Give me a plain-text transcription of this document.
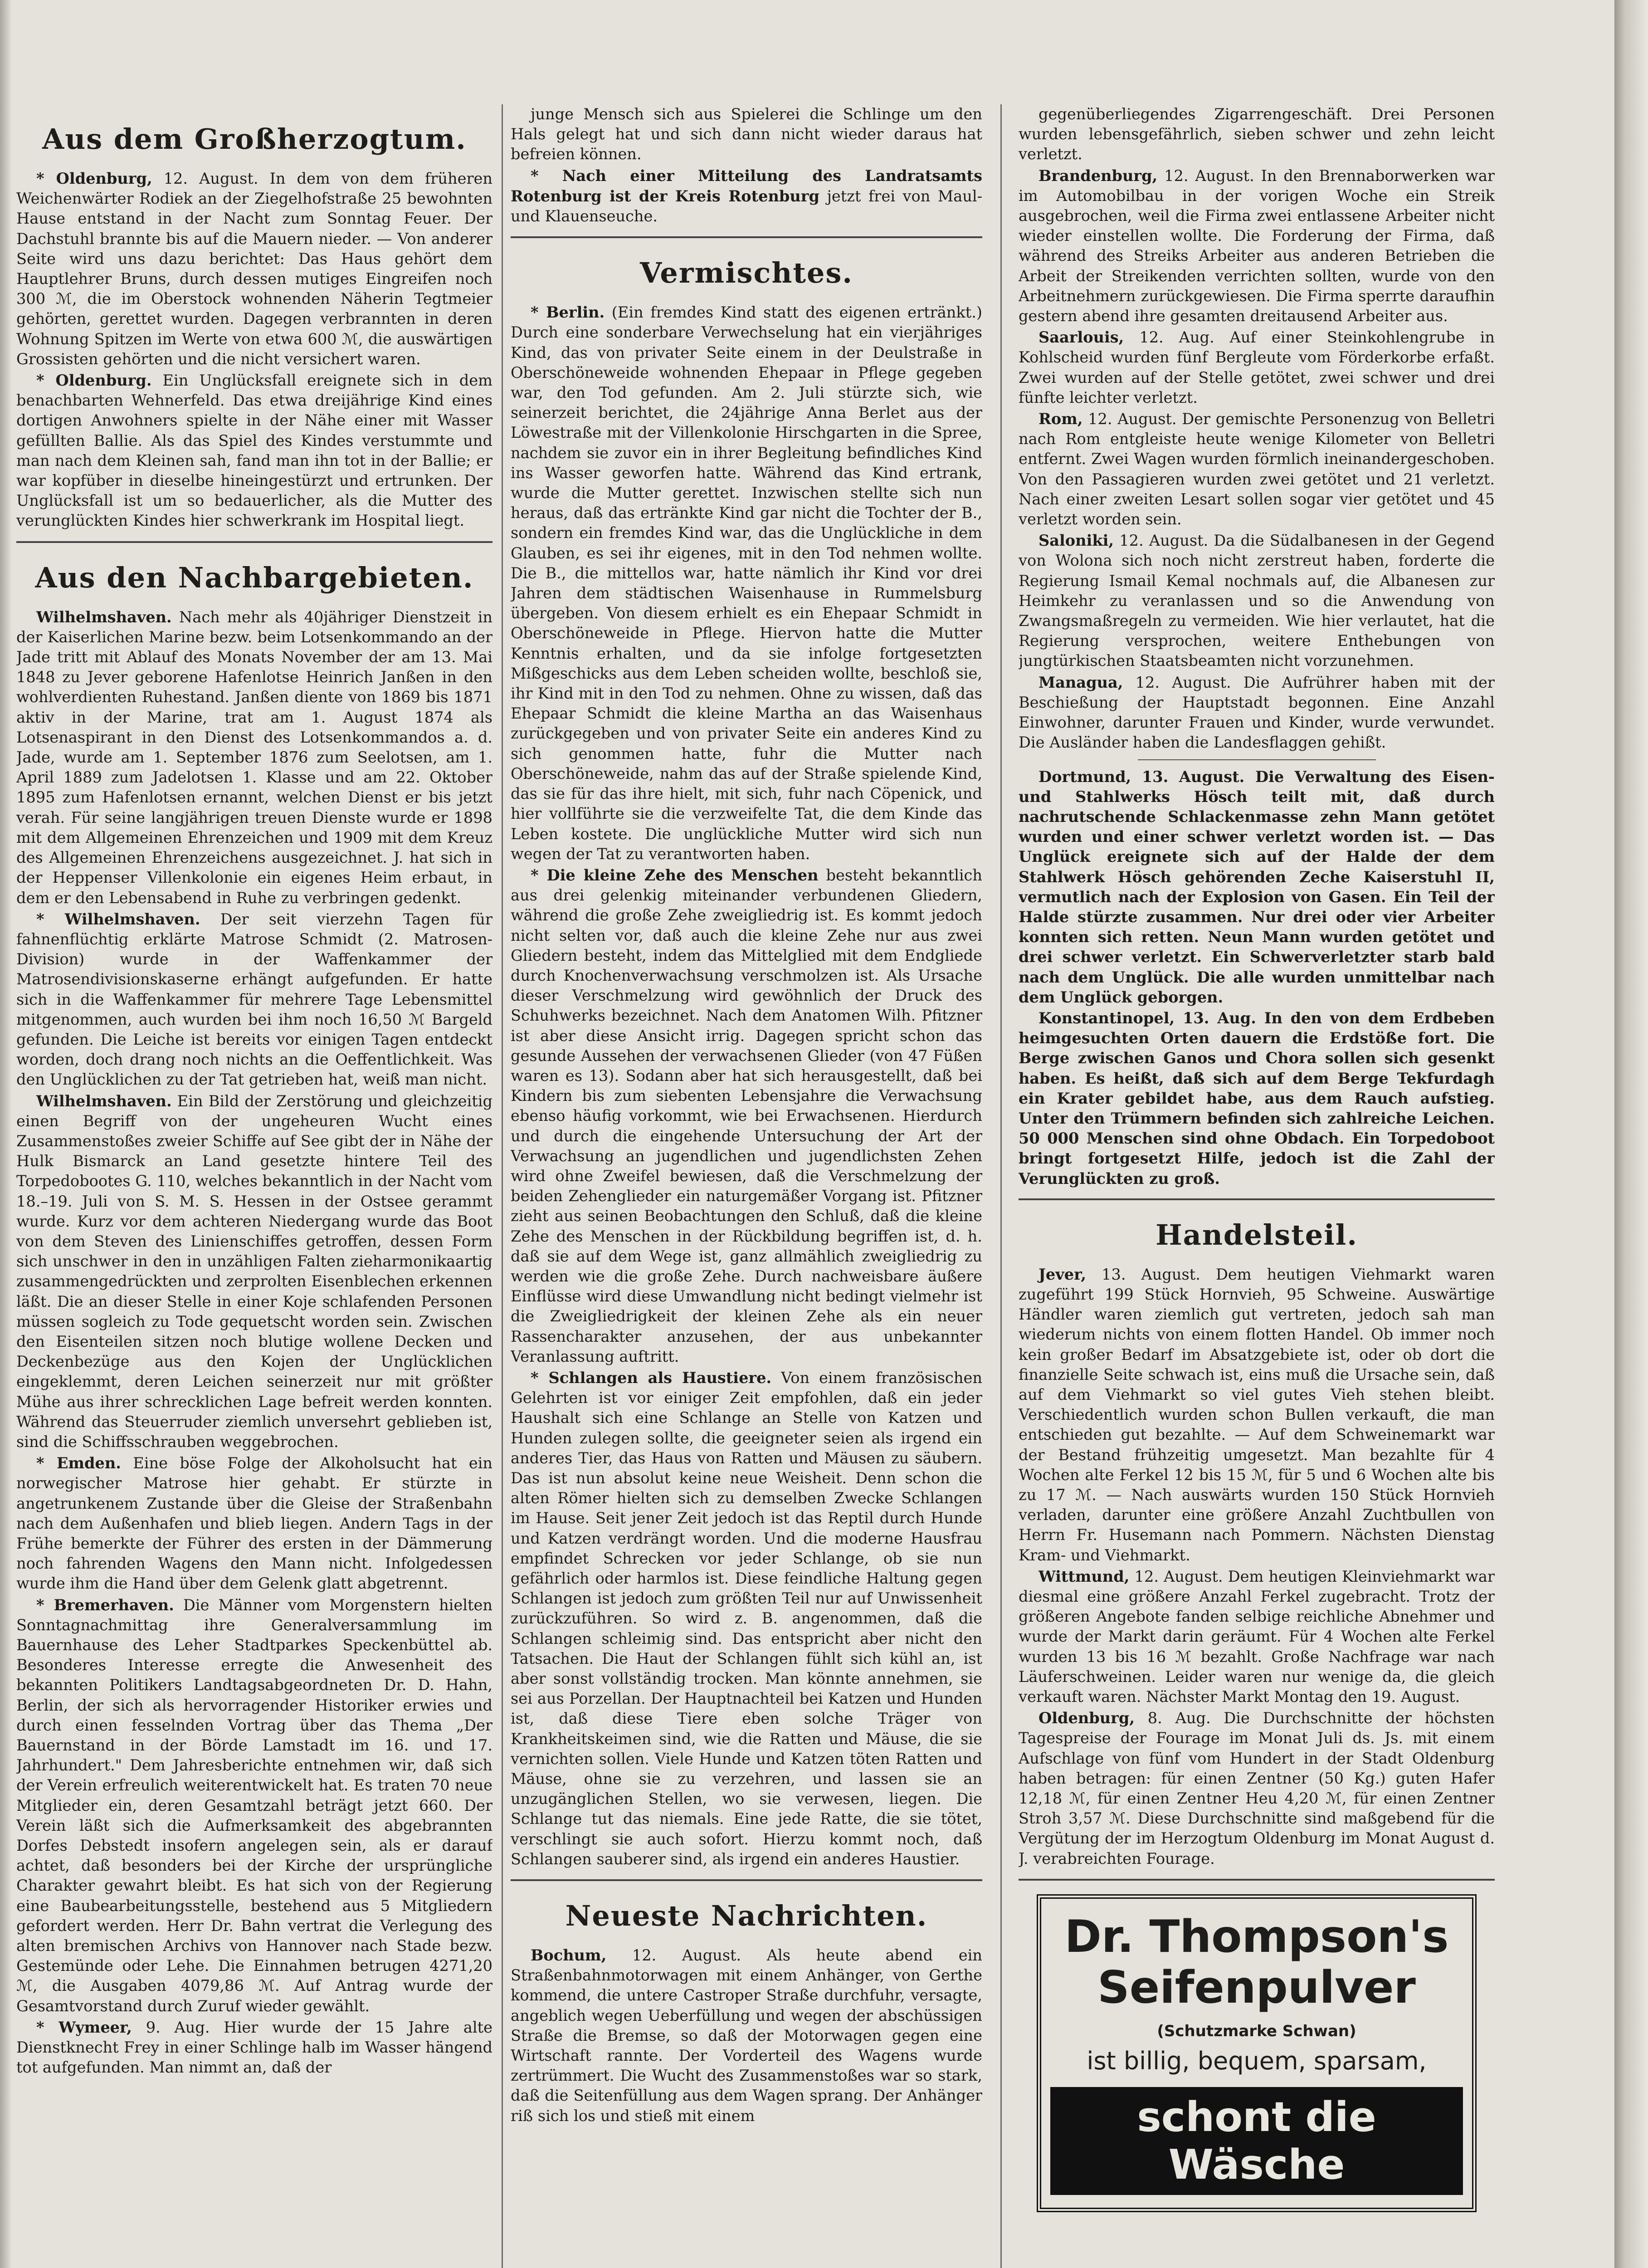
Aus dem Großherzogtum.

* Oldenburg, 12. August. In dem von dem früheren Weichenwärter Rodiek an der Ziegelhofstraße 25 bewohnten Hause entstand in der Nacht zum Sonntag Feuer. Der Dachstuhl brannte bis auf die Mauern nieder. — Von anderer Seite wird uns dazu berichtet: Das Haus gehört dem Hauptlehrer Bruns, durch dessen mutiges Eingreifen noch 300 ℳ, die im Oberstock wohnenden Näherin Tegtmeier gehörten, gerettet wurden. Dagegen verbrannten in deren Wohnung Spitzen im Werte von etwa 600 ℳ, die auswärtigen Grossisten gehörten und die nicht versichert waren.

* Oldenburg. Ein Unglücksfall ereignete sich in dem benachbarten Wehnerfeld. Das etwa dreijährige Kind eines dortigen Anwohners spielte in der Nähe einer mit Wasser gefüllten Ballie. Als das Spiel des Kindes verstummte und man nach dem Kleinen sah, fand man ihn tot in der Ballie; er war kopfüber in dieselbe hineingestürzt und ertrunken. Der Unglücksfall ist um so bedauerlicher, als die Mutter des verunglückten Kindes hier schwerkrank im Hospital liegt.

Aus den Nachbargebieten.

Wilhelmshaven. Nach mehr als 40jähriger Dienstzeit in der Kaiserlichen Marine bezw. beim Lotsenkommando an der Jade tritt mit Ablauf des Monats November der am 13. Mai 1848 zu Jever geborene Hafenlotse Heinrich Janßen in den wohlverdienten Ruhestand. Janßen diente von 1869 bis 1871 aktiv in der Marine, trat am 1. August 1874 als Lotsenaspirant in den Dienst des Lotsenkommandos a. d. Jade, wurde am 1. September 1876 zum Seelotsen, am 1. April 1889 zum Jadelotsen 1. Klasse und am 22. Oktober 1895 zum Hafenlotsen ernannt, welchen Dienst er bis jetzt verah. Für seine langjährigen treuen Dienste wurde er 1898 mit dem Allgemeinen Ehrenzeichen und 1909 mit dem Kreuz des Allgemeinen Ehrenzeichens ausgezeichnet. J. hat sich in der Heppenser Villenkolonie ein eigenes Heim erbaut, in dem er den Lebensabend in Ruhe zu verbringen gedenkt.

* Wilhelmshaven. Der seit vierzehn Tagen für fahnenflüchtig erklärte Matrose Schmidt (2. Matrosen-Division) wurde in der Waffenkammer der Matrosendivisionskaserne erhängt aufgefunden. Er hatte sich in die Waffenkammer für mehrere Tage Lebensmittel mitgenommen, auch wurden bei ihm noch 16,50 ℳ Bargeld gefunden. Die Leiche ist bereits vor einigen Tagen entdeckt worden, doch drang noch nichts an die Oeffentlichkeit. Was den Unglücklichen zu der Tat getrieben hat, weiß man nicht.

Wilhelmshaven. Ein Bild der Zerstörung und gleichzeitig einen Begriff von der ungeheuren Wucht eines Zusammenstoßes zweier Schiffe auf See gibt der in Nähe der Hulk Bismarck an Land gesetzte hintere Teil des Torpedobootes G. 110, welches bekanntlich in der Nacht vom 18.–19. Juli von S. M. S. Hessen in der Ostsee gerammt wurde. Kurz vor dem achteren Niedergang wurde das Boot von dem Steven des Linienschiffes getroffen, dessen Form sich unschwer in den in unzähligen Falten zieharmonikaartig zusammengedrückten und zerprolten Eisenblechen erkennen läßt. Die an dieser Stelle in einer Koje schlafenden Personen müssen sogleich zu Tode gequetscht worden sein. Zwischen den Eisenteilen sitzen noch blutige wollene Decken und Deckenbezüge aus den Kojen der Unglücklichen eingeklemmt, deren Leichen seinerzeit nur mit größter Mühe aus ihrer schrecklichen Lage befreit werden konnten. Während das Steuerruder ziemlich unversehrt geblieben ist, sind die Schiffsschrauben weggebrochen.

* Emden. Eine böse Folge der Alkoholsucht hat ein norwegischer Matrose hier gehabt. Er stürzte in angetrunkenem Zustande über die Gleise der Straßenbahn nach dem Außenhafen und blieb liegen. Andern Tags in der Frühe bemerkte der Führer des ersten in der Dämmerung noch fahrenden Wagens den Mann nicht. Infolgedessen wurde ihm die Hand über dem Gelenk glatt abgetrennt.

* Bremerhaven. Die Männer vom Morgenstern hielten Sonntagnachmittag ihre Generalversammlung im Bauernhause des Leher Stadtparkes Speckenbüttel ab. Besonderes Interesse erregte die Anwesenheit des bekannten Politikers Landtagsabgeordneten Dr. D. Hahn, Berlin, der sich als hervorragender Historiker erwies und durch einen fesselnden Vortrag über das Thema „Der Bauernstand in der Börde Lamstadt im 16. und 17. Jahrhundert." Dem Jahresberichte entnehmen wir, daß sich der Verein erfreulich weiterentwickelt hat. Es traten 70 neue Mitglieder ein, deren Gesamtzahl beträgt jetzt 660. Der Verein läßt sich die Aufmerksamkeit des abgebrannten Dorfes Debstedt insofern angelegen sein, als er darauf achtet, daß besonders bei der Kirche der ursprüngliche Charakter gewahrt bleibt. Es hat sich von der Regierung eine Baubearbeitungsstelle, bestehend aus 5 Mitgliedern gefordert werden. Herr Dr. Bahn vertrat die Verlegung des alten bremischen Archivs von Hannover nach Stade bezw. Gestemünde oder Lehe. Die Einnahmen betrugen 4271,20 ℳ, die Ausgaben 4079,86 ℳ. Auf Antrag wurde der Gesamtvorstand durch Zuruf wieder gewählt.

* Wymeer, 9. Aug. Hier wurde der 15 Jahre alte Dienstknecht Frey in einer Schlinge halb im Wasser hängend tot aufgefunden. Man nimmt an, daß der

junge Mensch sich aus Spielerei die Schlinge um den Hals gelegt hat und sich dann nicht wieder daraus hat befreien können.

* Nach einer Mitteilung des Landratsamts Rotenburg ist der Kreis Rotenburg jetzt frei von Maul- und Klauenseuche.

Vermischtes.

* Berlin. (Ein fremdes Kind statt des eigenen ertränkt.) Durch eine sonderbare Verwechselung hat ein vierjähriges Kind, das von privater Seite einem in der Deulstraße in Oberschöneweide wohnenden Ehepaar in Pflege gegeben war, den Tod gefunden. Am 2. Juli stürzte sich, wie seinerzeit berichtet, die 24jährige Anna Berlet aus der Löwestraße mit der Villenkolonie Hirschgarten in die Spree, nachdem sie zuvor ein in ihrer Begleitung befindliches Kind ins Wasser geworfen hatte. Während das Kind ertrank, wurde die Mutter gerettet. Inzwischen stellte sich nun heraus, daß das ertränkte Kind gar nicht die Tochter der B., sondern ein fremdes Kind war, das die Unglückliche in dem Glauben, es sei ihr eigenes, mit in den Tod nehmen wollte. Die B., die mittellos war, hatte nämlich ihr Kind vor drei Jahren dem städtischen Waisenhause in Rummelsburg übergeben. Von diesem erhielt es ein Ehepaar Schmidt in Oberschöneweide in Pflege. Hiervon hatte die Mutter Kenntnis erhalten, und da sie infolge fortgesetzten Mißgeschicks aus dem Leben scheiden wollte, beschloß sie, ihr Kind mit in den Tod zu nehmen. Ohne zu wissen, daß das Ehepaar Schmidt die kleine Martha an das Waisenhaus zurückgegeben und von privater Seite ein anderes Kind zu sich genommen hatte, fuhr die Mutter nach Oberschöneweide, nahm das auf der Straße spielende Kind, das sie für das ihre hielt, mit sich, fuhr nach Cöpenick, und hier vollführte sie die verzweifelte Tat, die dem Kinde das Leben kostete. Die unglückliche Mutter wird sich nun wegen der Tat zu verantworten haben.

* Die kleine Zehe des Menschen besteht bekanntlich aus drei gelenkig miteinander verbundenen Gliedern, während die große Zehe zweigliedrig ist. Es kommt jedoch nicht selten vor, daß auch die kleine Zehe nur aus zwei Gliedern besteht, indem das Mittelglied mit dem Endgliede durch Knochenverwachsung verschmolzen ist. Als Ursache dieser Verschmelzung wird gewöhnlich der Druck des Schuhwerks bezeichnet. Nach dem Anatomen Wilh. Pfitzner ist aber diese Ansicht irrig. Dagegen spricht schon das gesunde Aussehen der verwachsenen Glieder (von 47 Füßen waren es 13). Sodann aber hat sich herausgestellt, daß bei Kindern bis zum siebenten Lebensjahre die Verwachsung ebenso häufig vorkommt, wie bei Erwachsenen. Hierdurch und durch die eingehende Untersuchung der Art der Verwachsung an jugendlichen und jugendlichsten Zehen wird ohne Zweifel bewiesen, daß die Verschmelzung der beiden Zehenglieder ein naturgemäßer Vorgang ist. Pfitzner zieht aus seinen Beobachtungen den Schluß, daß die kleine Zehe des Menschen in der Rückbildung begriffen ist, d. h. daß sie auf dem Wege ist, ganz allmählich zweigliedrig zu werden wie die große Zehe. Durch nachweisbare äußere Einflüsse wird diese Umwandlung nicht bedingt vielmehr ist die Zweigliedrigkeit der kleinen Zehe als ein neuer Rassencharakter anzusehen, der aus unbekannter Veranlassung auftritt.

* Schlangen als Haustiere. Von einem französischen Gelehrten ist vor einiger Zeit empfohlen, daß ein jeder Haushalt sich eine Schlange an Stelle von Katzen und Hunden zulegen sollte, die geeigneter seien als irgend ein anderes Tier, das Haus von Ratten und Mäusen zu säubern. Das ist nun absolut keine neue Weisheit. Denn schon die alten Römer hielten sich zu demselben Zwecke Schlangen im Hause. Seit jener Zeit jedoch ist das Reptil durch Hunde und Katzen verdrängt worden. Und die moderne Hausfrau empfindet Schrecken vor jeder Schlange, ob sie nun gefährlich oder harmlos ist. Diese feindliche Haltung gegen Schlangen ist jedoch zum größten Teil nur auf Unwissenheit zurückzuführen. So wird z. B. angenommen, daß die Schlangen schleimig sind. Das entspricht aber nicht den Tatsachen. Die Haut der Schlangen fühlt sich kühl an, ist aber sonst vollständig trocken. Man könnte annehmen, sie sei aus Porzellan. Der Hauptnachteil bei Katzen und Hunden ist, daß diese Tiere eben solche Träger von Krankheitskeimen sind, wie die Ratten und Mäuse, die sie vernichten sollen. Viele Hunde und Katzen töten Ratten und Mäuse, ohne sie zu verzehren, und lassen sie an unzugänglichen Stellen, wo sie verwesen, liegen. Die Schlange tut das niemals. Eine jede Ratte, die sie tötet, verschlingt sie auch sofort. Hierzu kommt noch, daß Schlangen sauberer sind, als irgend ein anderes Haustier.

Neueste Nachrichten.

Bochum, 12. August. Als heute abend ein Straßenbahnmotorwagen mit einem Anhänger, von Gerthe kommend, die untere Castroper Straße durchfuhr, versagte, angeblich wegen Ueberfüllung und wegen der abschüssigen Straße die Bremse, so daß der Motorwagen gegen eine Wirtschaft rannte. Der Vorderteil des Wagens wurde zertrümmert. Die Wucht des Zusammenstoßes war so stark, daß die Seitenfüllung aus dem Wagen sprang. Der Anhänger riß sich los und stieß mit einem

gegenüberliegendes Zigarrengeschäft. Drei Personen wurden lebensgefährlich, sieben schwer und zehn leicht verletzt.

Brandenburg, 12. August. In den Brennaborwerken war im Automobilbau in der vorigen Woche ein Streik ausgebrochen, weil die Firma zwei entlassene Arbeiter nicht wieder einstellen wollte. Die Forderung der Firma, daß während des Streiks Arbeiter aus anderen Betrieben die Arbeit der Streikenden verrichten sollten, wurde von den Arbeitnehmern zurückgewiesen. Die Firma sperrte daraufhin gestern abend ihre gesamten dreitausend Arbeiter aus.

Saarlouis, 12. Aug. Auf einer Steinkohlengrube in Kohlscheid wurden fünf Bergleute vom Förderkorbe erfaßt. Zwei wurden auf der Stelle getötet, zwei schwer und drei fünfte leichter verletzt.

Rom, 12. August. Der gemischte Personenzug von Belletri nach Rom entgleiste heute wenige Kilometer von Belletri entfernt. Zwei Wagen wurden förmlich ineinandergeschoben. Von den Passagieren wurden zwei getötet und 21 verletzt. Nach einer zweiten Lesart sollen sogar vier getötet und 45 verletzt worden sein.

Saloniki, 12. August. Da die Südalbanesen in der Gegend von Wolona sich noch nicht zerstreut haben, forderte die Regierung Ismail Kemal nochmals auf, die Albanesen zur Heimkehr zu veranlassen und so die Anwendung von Zwangsmaßregeln zu vermeiden. Wie hier verlautet, hat die Regierung versprochen, weitere Enthebungen von jungtürkischen Staatsbeamten nicht vorzunehmen.

Managua, 12. August. Die Aufrührer haben mit der Beschießung der Hauptstadt begonnen. Eine Anzahl Einwohner, darunter Frauen und Kinder, wurde verwundet. Die Ausländer haben die Landesflaggen gehißt.

Dortmund, 13. August. Die Verwaltung des Eisen- und Stahlwerks Hösch teilt mit, daß durch nachrutschende Schlackenmasse zehn Mann getötet wurden und einer schwer verletzt worden ist. — Das Unglück ereignete sich auf der Halde der dem Stahlwerk Hösch gehörenden Zeche Kaiserstuhl II, vermutlich nach der Explosion von Gasen. Ein Teil der Halde stürzte zusammen. Nur drei oder vier Arbeiter konnten sich retten. Neun Mann wurden getötet und drei schwer verletzt. Ein Schwerverletzter starb bald nach dem Unglück. Die alle wurden unmittelbar nach dem Unglück geborgen.

Konstantinopel, 13. Aug. In den von dem Erdbeben heimgesuchten Orten dauern die Erdstöße fort. Die Berge zwischen Ganos und Chora sollen sich gesenkt haben. Es heißt, daß sich auf dem Berge Tekfurdagh ein Krater gebildet habe, aus dem Rauch aufstieg. Unter den Trümmern befinden sich zahlreiche Leichen. 50 000 Menschen sind ohne Obdach. Ein Torpedoboot bringt fortgesetzt Hilfe, jedoch ist die Zahl der Verunglückten zu groß.

Handelsteil.

Jever, 13. August. Dem heutigen Viehmarkt waren zugeführt 199 Stück Hornvieh, 95 Schweine. Auswärtige Händler waren ziemlich gut vertreten, jedoch sah man wiederum nichts von einem flotten Handel. Ob immer noch kein großer Bedarf im Absatzgebiete ist, oder ob dort die finanzielle Seite schwach ist, eins muß die Ursache sein, daß auf dem Viehmarkt so viel gutes Vieh stehen bleibt. Verschiedentlich wurden schon Bullen verkauft, die man entschieden gut bezahlte. — Auf dem Schweinemarkt war der Bestand frühzeitig umgesetzt. Man bezahlte für 4 Wochen alte Ferkel 12 bis 15 ℳ, für 5 und 6 Wochen alte bis zu 17 ℳ. — Nach auswärts wurden 150 Stück Hornvieh verladen, darunter eine größere Anzahl Zuchtbullen von Herrn Fr. Husemann nach Pommern. Nächsten Dienstag Kram- und Viehmarkt.

Wittmund, 12. August. Dem heutigen Kleinviehmarkt war diesmal eine größere Anzahl Ferkel zugebracht. Trotz der größeren Angebote fanden selbige reichliche Abnehmer und wurde der Markt darin geräumt. Für 4 Wochen alte Ferkel wurden 13 bis 16 ℳ bezahlt. Große Nachfrage war nach Läuferschweinen. Leider waren nur wenige da, die gleich verkauft waren. Nächster Markt Montag den 19. August.

Oldenburg, 8. Aug. Die Durchschnitte der höchsten Tagespreise der Fourage im Monat Juli ds. Js. mit einem Aufschlage von fünf vom Hundert in der Stadt Oldenburg haben betragen: für einen Zentner (50 Kg.) guten Hafer 12,18 ℳ, für einen Zentner Heu 4,20 ℳ, für einen Zentner Stroh 3,57 ℳ. Diese Durchschnitte sind maßgebend für die Vergütung der im Herzogtum Oldenburg im Monat August d. J. verabreichten Fourage.

Dr. Thompson's
Seifenpulver
(Schutzmarke Schwan)
ist billig, bequem, sparsam,
schont die Wäsche
